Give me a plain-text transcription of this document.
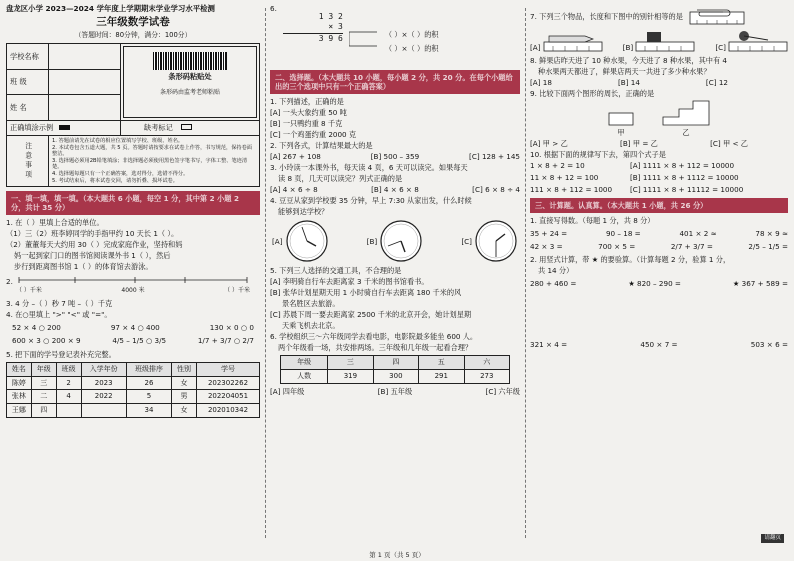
盘龙区小学 2023—2024 学年度上学期期末学业学习水平检测
三年级数学试卷
（答题时间：80分钟，满分：100分）
学校名称		条形码粘贴处
条形码由监考老师粘贴

班 级		
姓 名		
正确填涂示例		缺考标记
注意事项	1. 答题前请先在试卷的相应位置填写学校、班级、姓名。
2. 本试卷包含五道大题，共 5 页。答题时请按要求在试卷上作答，书写规范，保持卷面整洁。
3. 选择题必须用2B铅笔填涂；非选择题必须使用黑色签字笔书写，字体工整、笔迹清楚。
4. 选择题每题只有一个正确答案，选对得分，选错不得分。
5. 考试结束后，将本试卷交回，请勿折叠、损坏试卷。	
一、填一填，填一填。（本大题共 6 小题，每空 1 分，其中第 2 小题 2 分，共计 35 分）
1. 在（ ）里填上合适的单位。
（1）三（2）班李婷同学的手指甲约 10 天长 1（ ）。
（2）董董每天大约用 30（ ）完成家庭作业，坚持和妈
妈一起到家门口的图书馆阅读课外书 1（ ），然后
步行到距离图书馆 1（ ）的体育馆去游泳。
2.
（ ）千米	4000 米	（ ）千米
3. 4 分 –（ ）秒 7 吨 –（ ）千克
4. 在○里填上 ">" "<" 或 "="。
52 × 4 ○ 200	97 × 4 ○ 400	130 × 0 ○ 0
600 × 3 ○ 200 × 9	4/5 – 1/5 ○ 3/5	1/7 + 3/7 ○ 2/7
5. 把下面的学号登记表补充完整。
姓名	年级	班级	入学年份	班级排序	性别	学号
陈婷	三	2	2023	26	女	202302262
张林	二	4	2022	5	男	202204051
王娜	四			34	女	202010342
6.
1 3 2
× 3
3 9 6	（ ）×（ ）的积
（ ）×（ ）的积
二、选择题。（本大题共 10 小题，每小题 2 分，共 20 分。在每个小题给出的三个选项中只有一个正确答案）
1. 下列描述，正确的是
[A] 一头大象约重 50 吨
[B] 一只鸭约重 8 千克
[C] 一个鸡蛋约重 2000 克
2. 下列各式，计算结果最大的是
[A] 267 + 108	[B] 500 – 359	[C] 128 + 145
3. 小玲读一本课外书，每天读 4 页，6 天可以读完。如果每天
读 8 页，几天可以读完？列式正确的是
[A] 4 × 6 ÷ 8	[B] 4 × 6 × 8	[C] 6 × 8 ÷ 4
4. 豆豆从家到学校要 35 分钟，早上 7:30 从家出发，什么时候
能够到达学校？
[A]	[B]	[C]
5. 下列三人选择的交通工具，不合理的是
[A] 李明骑自行车去距离家 3 千米的图书馆看书。
[B] 张华计划星期天用 1 小时骑自行车去距离 180 千米的风
景名胜区去旅游。
[C] 苏晨下周一要去距离家 2500 千米的北京开会，她计划星期
天乘飞机去北京。
6. 学校组织三～六年级同学去看电影，电影院最多能坐 600 人。
两个年级看一场，共安排两场。三年级和几年级一起看合理？
年级	三	四	五	六
人数	319	300	291	273
[A] 四年级	[B] 五年级	[C] 六年级
7. 下列三个物品，长度和下图中的别针相等的是
[A]	[B]	[C]
8. 鲜果店昨天进了 10 种水果，今天进了 8 种水果，其中有 4
种水果两天都进了，鲜果店两天一共进了多少种水果？
[A] 18	[B] 14	[C] 12
9. 比较下面两个图形的周长，正确的是
甲	乙
[A] 甲 > 乙	[B] 甲 = 乙	[C] 甲 < 乙
10. 根据下面的规律写下去，第四个式子是
1 × 8 + 2 = 10	[A] 1111 × 8 + 112 = 10000
11 × 8 + 12 = 100	[B] 1111 × 8 + 1112 = 10000
111 × 8 + 112 = 1000	[C] 1111 × 8 + 11112 = 10000
三、计算题。认真算。（本大题共 1 小题，共 26 分）
1. 直接写得数。（每题 1 分，共 8 分）
35 + 24 =	90 – 18 =	401 × 2 ≈	78 × 9 ≈
42 × 3 =	700 × 5 =	2/7 + 3/7 =	2/5 – 1/5 =
2. 用竖式计算，带 ★ 的要验算。（计算每题 2 分，验算 1 分，
共 14 分）
280 + 460 =	★ 820 – 290 =	★ 367 + 589 =
321 × 4 =	450 × 7 =	503 × 6 =
请翻页
第 1 页（共 5 页）
